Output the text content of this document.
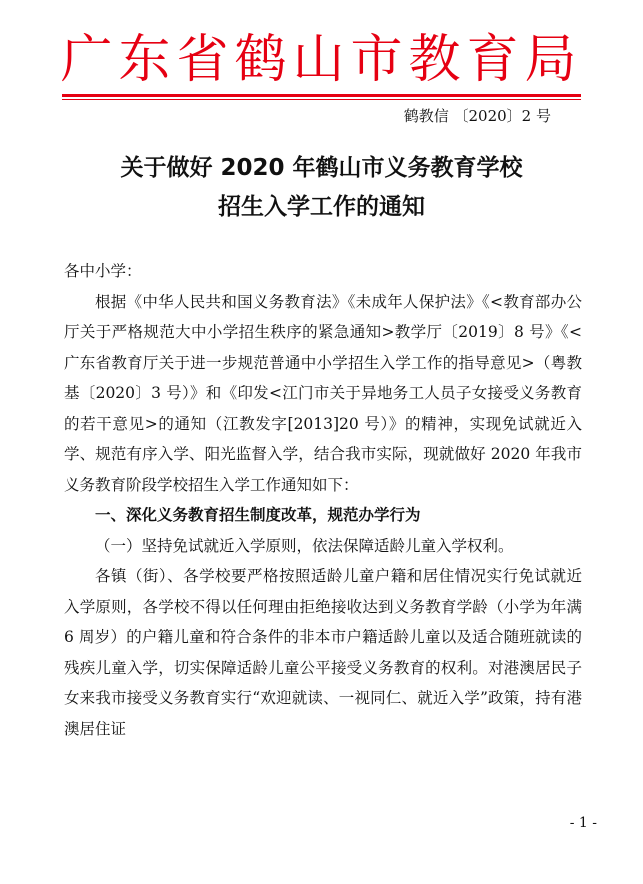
广东省鹤山市教育局
鹤教信 〔2020〕2 号
关于做好 2020 年鹤山市义务教育学校
招生入学工作的通知

各中小学：

根据《中华人民共和国义务教育法》《未成年人保护法》《<教育部办公厅关于严格规范大中小学招生秩序的紧急通知>教学厅〔2019〕8 号》《<广东省教育厅关于进一步规范普通中小学招生入学工作的指导意见>（粤教基〔2020〕3 号）》和《印发<江门市关于异地务工人员子女接受义务教育的若干意见>的通知（江教发字[2013]20 号）》的精神，实现免试就近入学、规范有序入学、阳光监督入学，结合我市实际，现就做好 2020 年我市义务教育阶段学校招生入学工作通知如下：

一、深化义务教育招生制度改革，规范办学行为

（一）坚持免试就近入学原则，依法保障适龄儿童入学权利。

各镇（街）、各学校要严格按照适龄儿童户籍和居住情况实行免试就近入学原则，各学校不得以任何理由拒绝接收达到义务教育学龄（小学为年满 6 周岁）的户籍儿童和符合条件的非本市户籍适龄儿童以及适合随班就读的残疾儿童入学，切实保障适龄儿童公平接受义务教育的权利。对港澳居民子女来我市接受义务教育实行“欢迎就读、一视同仁、就近入学”政策，持有港澳居住证

- 1 -
